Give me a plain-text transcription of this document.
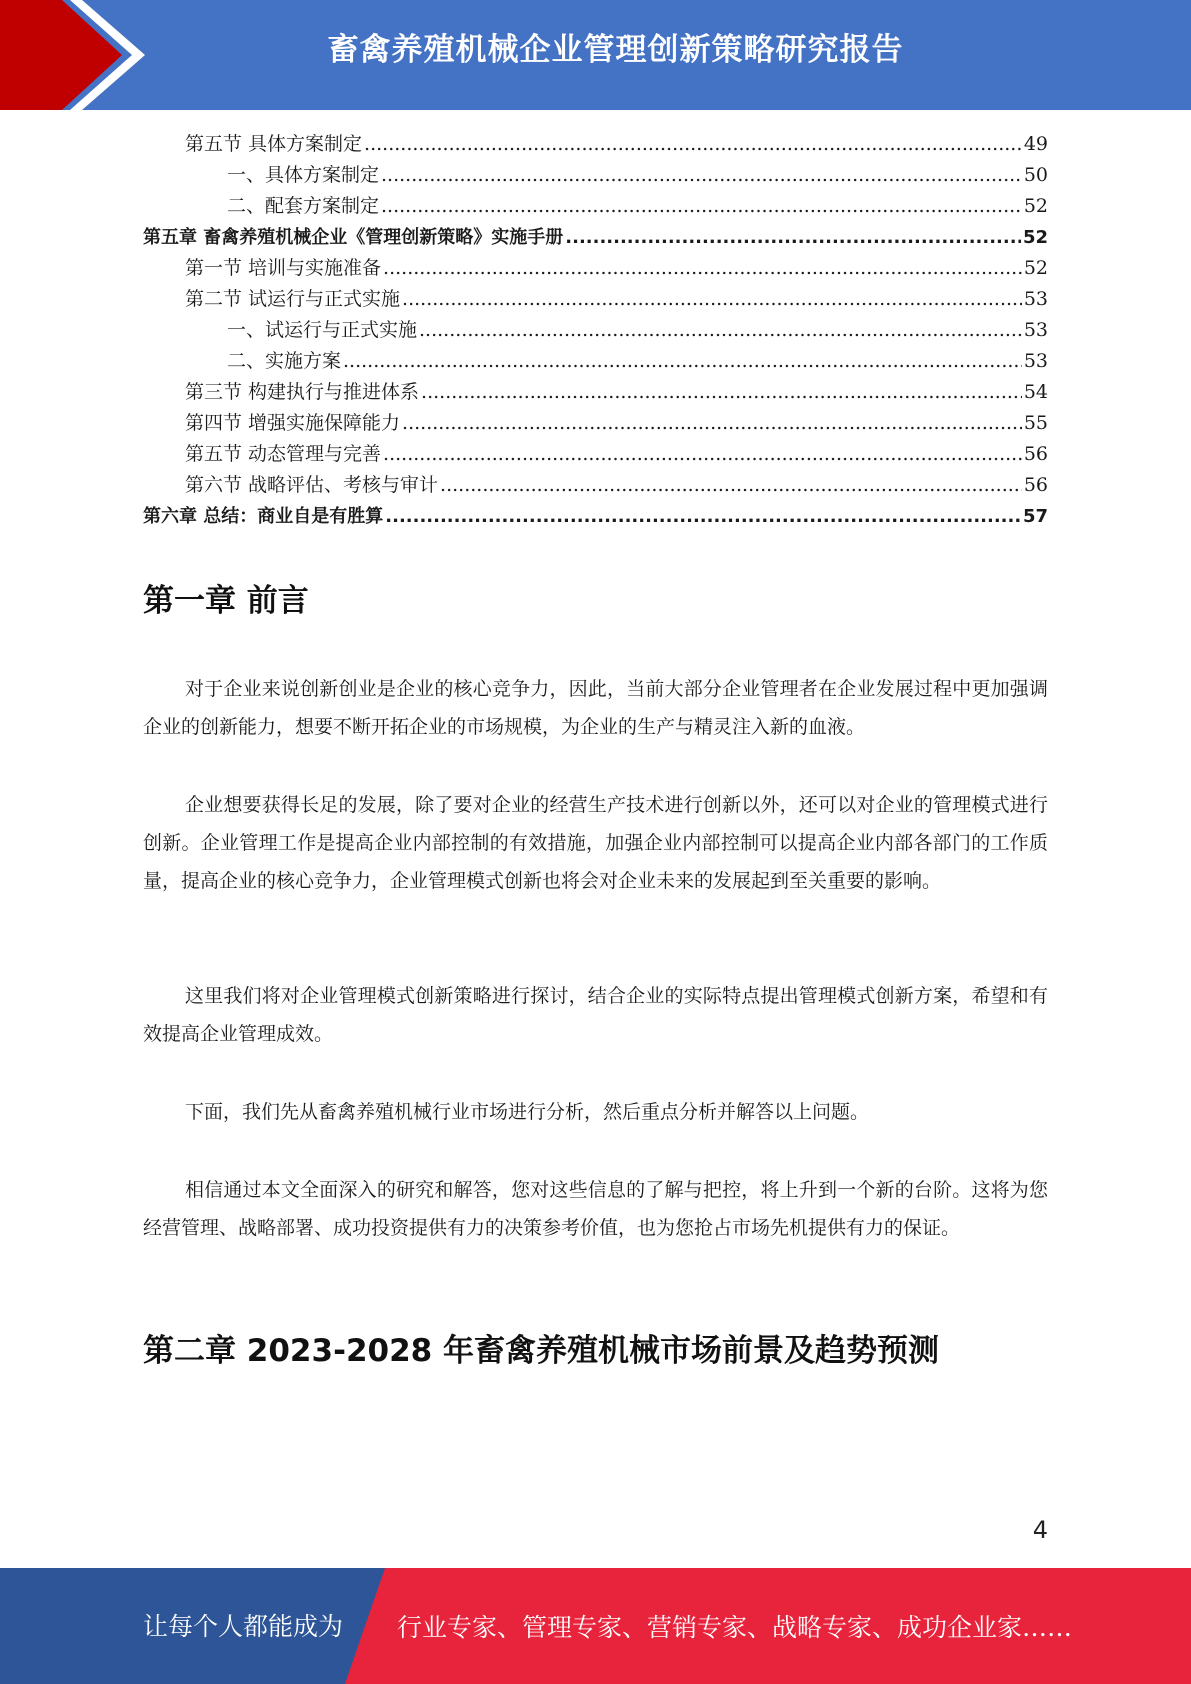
畜禽养殖机械企业管理创新策略研究报告
第五节 具体方案制定 .....	49
一、具体方案制定 .....	50
二、配套方案制定 .....	52
第五章 畜禽养殖机械企业《管理创新策略》实施手册 .....	52
第一节 培训与实施准备 .....	52
第二节 试运行与正式实施 .....	53
一、试运行与正式实施 .....	53
二、实施方案 .....	53
第三节 构建执行与推进体系 .....	54
第四节 增强实施保障能力 .....	55
第五节 动态管理与完善 .....	56
第六节 战略评估、考核与审计 .....	56
第六章 总结：商业自是有胜算 .....	57
第一章 前言

对于企业来说创新创业是企业的核心竞争力，因此，当前大部分企业管理者在企业发展过程中更加强调企业的创新能力，想要不断开拓企业的市场规模，为企业的生产与精灵注入新的血液。

企业想要获得长足的发展，除了要对企业的经营生产技术进行创新以外，还可以对企业的管理模式进行创新。企业管理工作是提高企业内部控制的有效措施，加强企业内部控制可以提高企业内部各部门的工作质量，提高企业的核心竞争力，企业管理模式创新也将会对企业未来的发展起到至关重要的影响。

这里我们将对企业管理模式创新策略进行探讨，结合企业的实际特点提出管理模式创新方案，希望和有效提高企业管理成效。

下面，我们先从畜禽养殖机械行业市场进行分析，然后重点分析并解答以上问题。

相信通过本文全面深入的研究和解答，您对这些信息的了解与把控，将上升到一个新的台阶。这将为您经营管理、战略部署、成功投资提供有力的决策参考价值，也为您抢占市场先机提供有力的保证。

第二章 2023-2028 年畜禽养殖机械市场前景及趋势预测
4
让每个人都能成为 行业专家、管理专家、营销专家、战略专家、成功企业家……
